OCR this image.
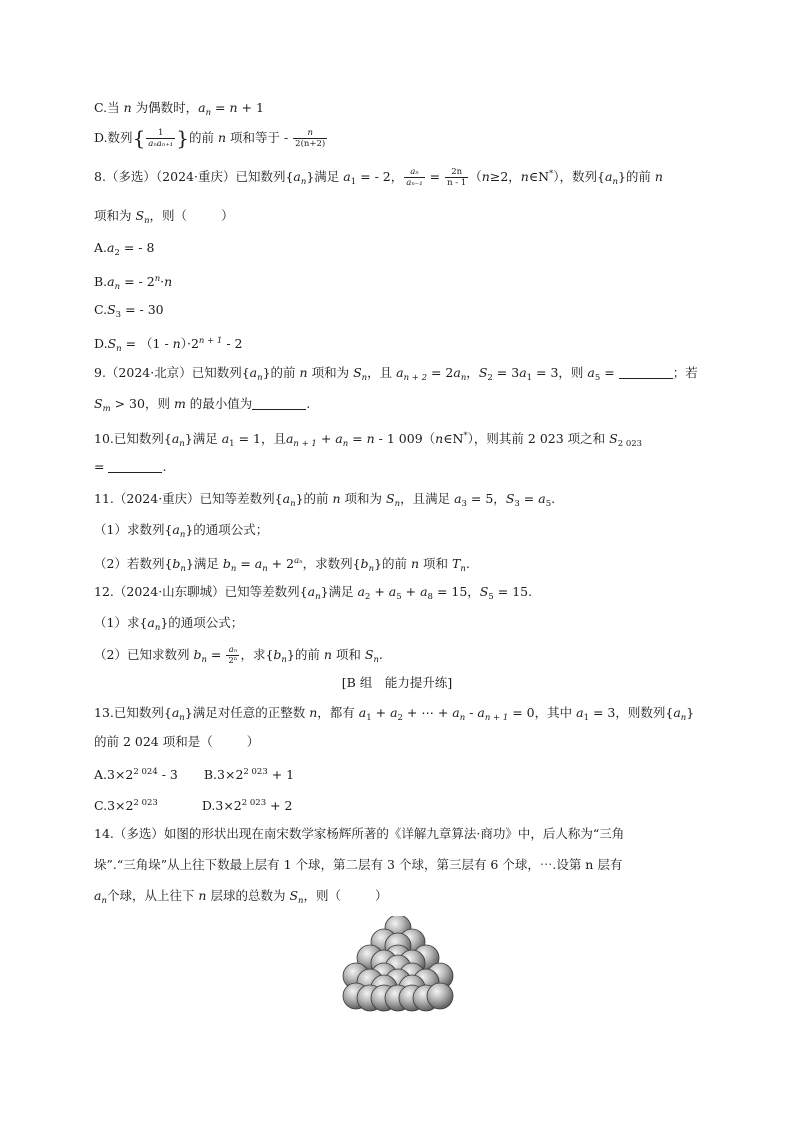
C.当 n 为偶数时，$a_n = n + 1$
D.数列{ $\frac{1}{\text{aₙaₙ₊₁}}$ }的前 n 项和等于 - $\frac{n}{2(n+2)}$
8.（多选）（2024·重庆）已知数列$\{a_n\}$满足 $a_1$ = - 2， $\frac{\text{aₙ}}{\text{aₙ₋₁}} = \frac{2n}{n - 1} (n\ge 2$，n∈N*），数列$\{a_n\}$的前 n
项和为 $S_n$，则（	）
$A.a_2$ = - 8
$B.a_n$ = - $2^n\cdot n$
$C.S_3$ = - 30
$D.S_n = (1 - n)\cdot 2^{n + 1} - 2$
9.（2024·北京）已知数列$\{a_n\}$的前 n 项和为 $S_n$，且 $a_{n + 2} = 2a_n$，$S_2 = 3a_1 = 3$，则 $a_5$ =	；若
$S_m > 30$，则 m 的最小值为	.
10.已知数列$\{a_n\}$满足 $a_1 = 1$，且$a_{n + 1} + a_n = n - 1$ 009（n∈N*），则其前 2 023 项之和 $S_{2 023}$
=	.
11.（2024·重庆）已知等差数列$\{a_n\}$的前 n 项和为 $S_n$，且满足 $a_3 = 5$，$S_3 = a_5$.
（1）求数列$\{a_n\}$的通项公式；
（2）若数列$\{b_n\}$满足 $b_n = a_n + 2^{a_n}$，求数列$\{b_n\}$的前 n 项和 $T_n$.
12.（2024·山东聊城）已知等差数列$\{a_n\}$满足 $a_2 + a_5 + a_8 = 15$，$S_5 = 15$.
（1）求$\{a_n\}$的通项公式；
（2）已知求数列 $b_n = \frac{\text{aₙ}}{\text{2ⁿ}}$ ，求$\{b_n\}$的前 n 项和 $S_n$.
[B 组　能力提升练]
13.已知数列$\{a_n\}$满足对任意的正整数 n，都有 $a_1 + a_2$ + ⋯ + $a_n - a_{n + 1} = 0$，其中 $a_1 = 3$，则数列$\{a_n\}$
的前 2 024 项和是（	）
$A.3\times 2^{2 024} - 3$ $B.3\times 2^{2 023} + 1$
$C.3\times 2^{2 023}$	$D.3\times 2^{2 023} + 2$
14.（多选）如图的形状出现在南宋数学家杨辉所著的《详解九章算法·商功》中，后人称为“三角
垛”.“三角垛”从上往下数最上层有 1 个球，第二层有 3 个球，第三层有 6 个球，⋯.设第 n 层有
$a_n$个球，从上往下 n 层球的总数为 $S_n$，则（	）
